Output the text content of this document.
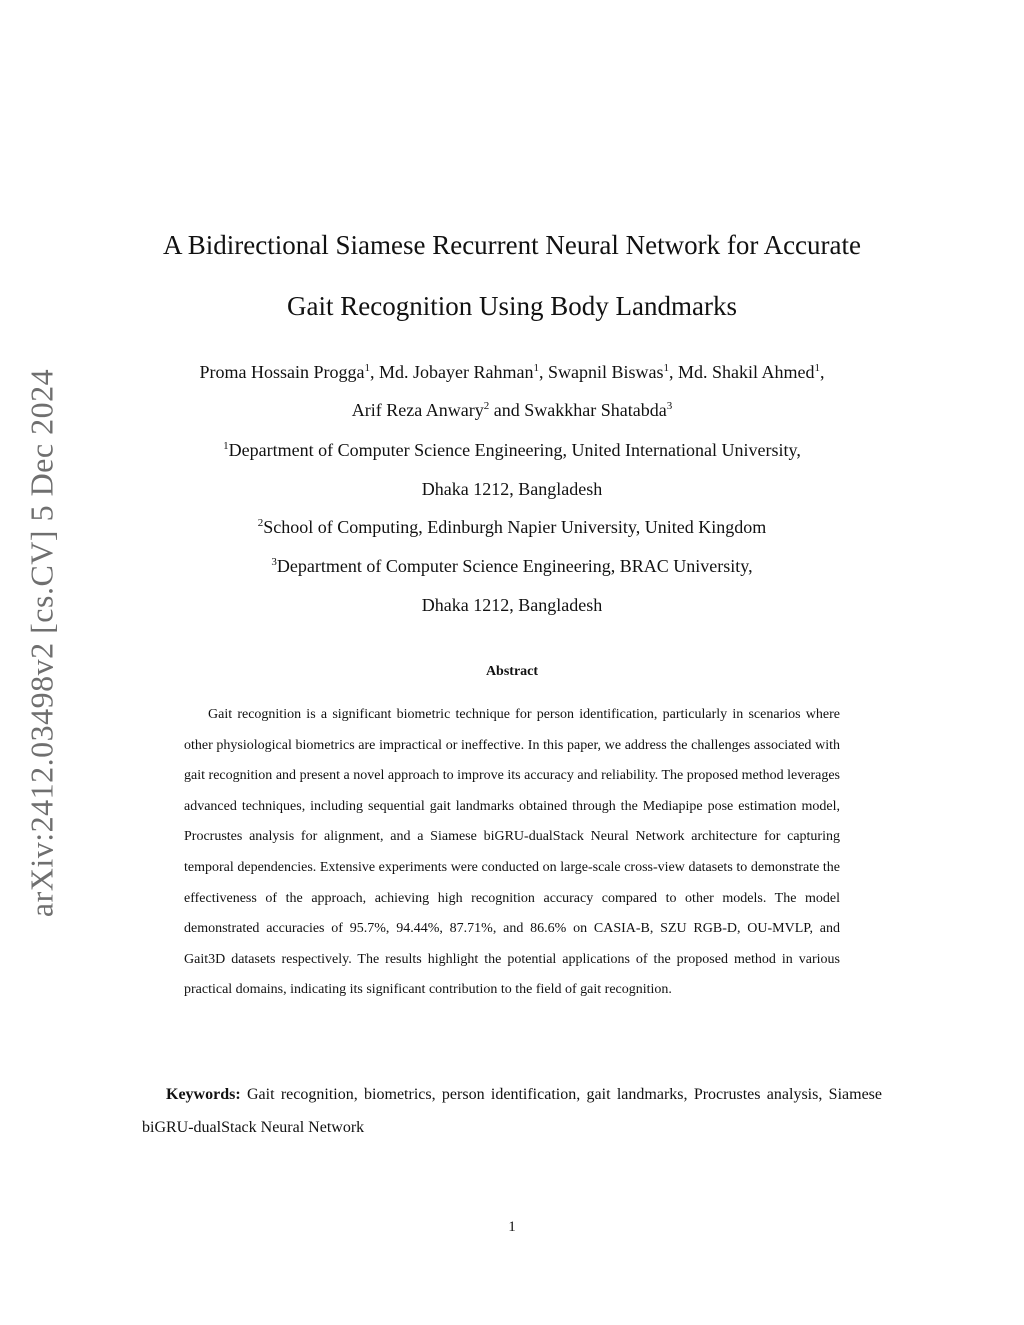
arXiv:2412.03498v2 [cs.CV] 5 Dec 2024
A Bidirectional Siamese Recurrent Neural Network for Accurate
Gait Recognition Using Body Landmarks
Proma Hossain Progga$^1$, Md. Jobayer Rahman$^1$, Swapnil Biswas$^1$, Md. Shakil Ahmed$^1$,
Arif Reza Anwary$^2$ and Swakkhar Shatabda$^3$
$^1$Department of Computer Science Engineering, United International University,
Dhaka 1212, Bangladesh
$^2$School of Computing, Edinburgh Napier University, United Kingdom
$^3$Department of Computer Science Engineering, BRAC University,
Dhaka 1212, Bangladesh
Abstract

Gait recognition is a significant biometric technique for person identification, particularly in scenarios where other physiological biometrics are impractical or ineffective. In this paper, we address the challenges associated with gait recognition and present a novel approach to improve its accuracy and reliability. The proposed method leverages advanced techniques, including sequential gait landmarks obtained through the Mediapipe pose estimation model, Procrustes analysis for alignment, and a Siamese biGRU-dualStack Neural Network architecture for capturing temporal dependencies. Extensive experiments were conducted on large-scale cross-view datasets to demonstrate the effectiveness of the approach, achieving high recognition accuracy compared to other models. The model demonstrated accuracies of 95.7%, 94.44%, 87.71%, and 86.6% on CASIA-B, SZU RGB-D, OU-MVLP, and Gait3D datasets respectively. The results highlight the potential applications of the proposed method in various practical domains, indicating its significant contribution to the field of gait recognition.

Keywords: Gait recognition, biometrics, person identification, gait landmarks, Procrustes analysis, Siamese biGRU-dualStack Neural Network

1
